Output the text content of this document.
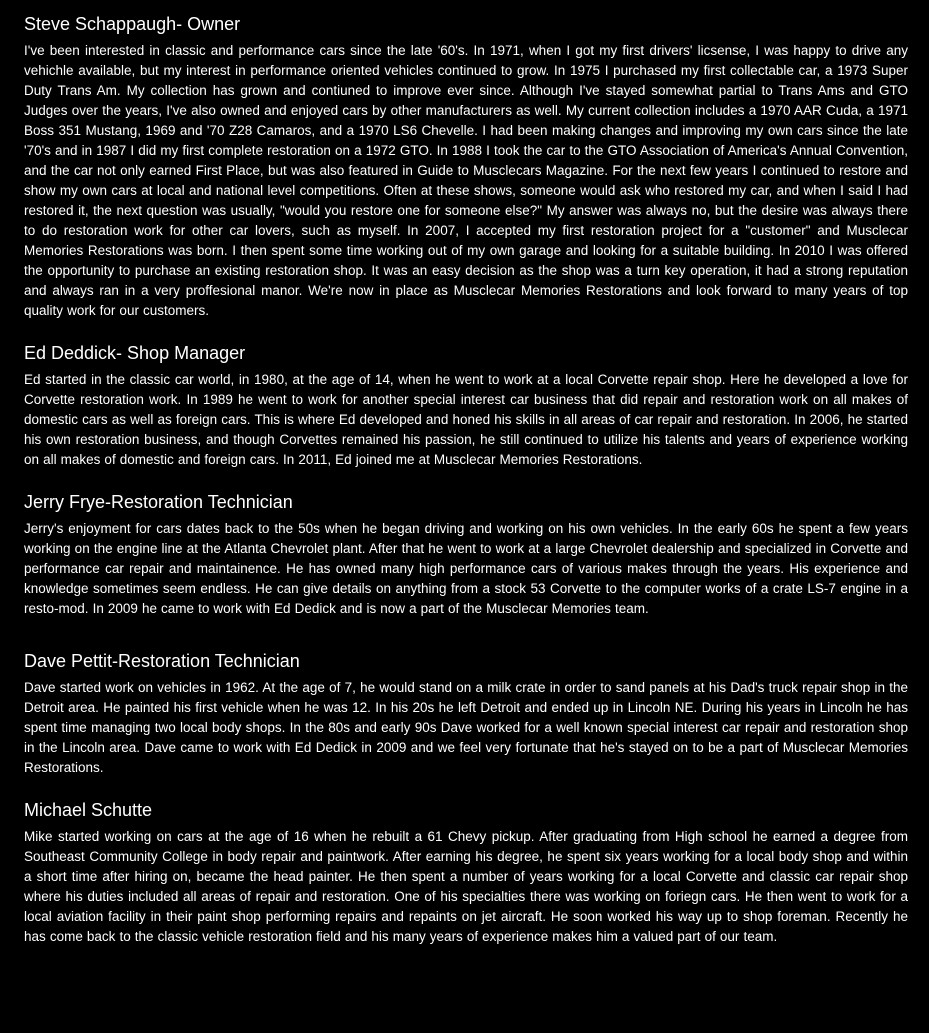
Steve Schappaugh- Owner

I've been interested in classic and performance cars since the late '60's. In 1971, when I got my first drivers' licsense, I was happy to drive any vehichle available, but my interest in performance oriented vehicles continued to grow. In 1975 I purchased my first collectable car, a 1973 Super Duty Trans Am. My collection has grown and contiuned to improve ever since. Although I've stayed somewhat partial to Trans Ams and GTO Judges over the years, I've also owned and enjoyed cars by other manufacturers as well. My current collection includes a 1970 AAR Cuda, a 1971 Boss 351 Mustang, 1969 and '70 Z28 Camaros, and a 1970 LS6 Chevelle. I had been making changes and improving my own cars since the late '70's and in 1987 I did my first complete restoration on a 1972 GTO. In 1988 I took the car to the GTO Association of America's Annual Convention, and the car not only earned First Place, but was also featured in Guide to Musclecars Magazine. For the next few years I continued to restore and show my own cars at local and national level competitions. Often at these shows, someone would ask who restored my car, and when I said I had restored it, the next question was usually, "would you restore one for someone else?" My answer was always no, but the desire was always there to do restoration work for other car lovers, such as myself. In 2007, I accepted my first restoration project for a "customer" and Musclecar Memories Restorations was born. I then spent some time working out of my own garage and looking for a suitable building. In 2010 I was offered the opportunity to purchase an existing restoration shop. It was an easy decision as the shop was a turn key operation, it had a strong reputation and always ran in a very proffesional manor. We're now in place as Musclecar Memories Restorations and look forward to many years of top quality work for our customers.

Ed Deddick- Shop Manager

Ed started in the classic car world, in 1980, at the age of 14, when he went to work at a local Corvette repair shop. Here he developed a love for Corvette restoration work. In 1989 he went to work for another special interest car business that did repair and restoration work on all makes of domestic cars as well as foreign cars. This is where Ed developed and honed his skills in all areas of car repair and restoration. In 2006, he started his own restoration business, and though Corvettes remained his passion, he still continued to utilize his talents and years of experience working on all makes of domestic and foreign cars. In 2011, Ed joined me at Musclecar Memories Restorations.

Jerry Frye-Restoration Technician

Jerry's enjoyment for cars dates back to the 50s when he began driving and working on his own vehicles. In the early 60s he spent a few years working on the engine line at the Atlanta Chevrolet plant. After that he went to work at a large Chevrolet dealership and specialized in Corvette and performance car repair and maintainence. He has owned many high performance cars of various makes through the years. His experience and knowledge sometimes seem endless. He can give details on anything from a stock 53 Corvette to the computer works of a crate LS-7 engine in a resto-mod. In 2009 he came to work with Ed Dedick and is now a part of the Musclecar Memories team.

Dave Pettit-Restoration Technician

Dave started work on vehicles in 1962. At the age of 7, he would stand on a milk crate in order to sand panels at his Dad's truck repair shop in the Detroit area. He painted his first vehicle when he was 12. In his 20s he left Detroit and ended up in Lincoln NE. During his years in Lincoln he has spent time managing two local body shops. In the 80s and early 90s Dave worked for a well known special interest car repair and restoration shop in the Lincoln area. Dave came to work with Ed Dedick in 2009 and we feel very fortunate that he's stayed on to be a part of Musclecar Memories Restorations.

Michael Schutte

Mike started working on cars at the age of 16 when he rebuilt a 61 Chevy pickup. After graduating from High school he earned a degree from Southeast Community College in body repair and paintwork. After earning his degree, he spent six years working for a local body shop and within a short time after hiring on, became the head painter. He then spent a number of years working for a local Corvette and classic car repair shop where his duties included all areas of repair and restoration. One of his specialties there was working on foriegn cars. He then went to work for a local aviation facility in their paint shop performing repairs and repaints on jet aircraft. He soon worked his way up to shop foreman. Recently he has come back to the classic vehicle restoration field and his many years of experience makes him a valued part of our team.
